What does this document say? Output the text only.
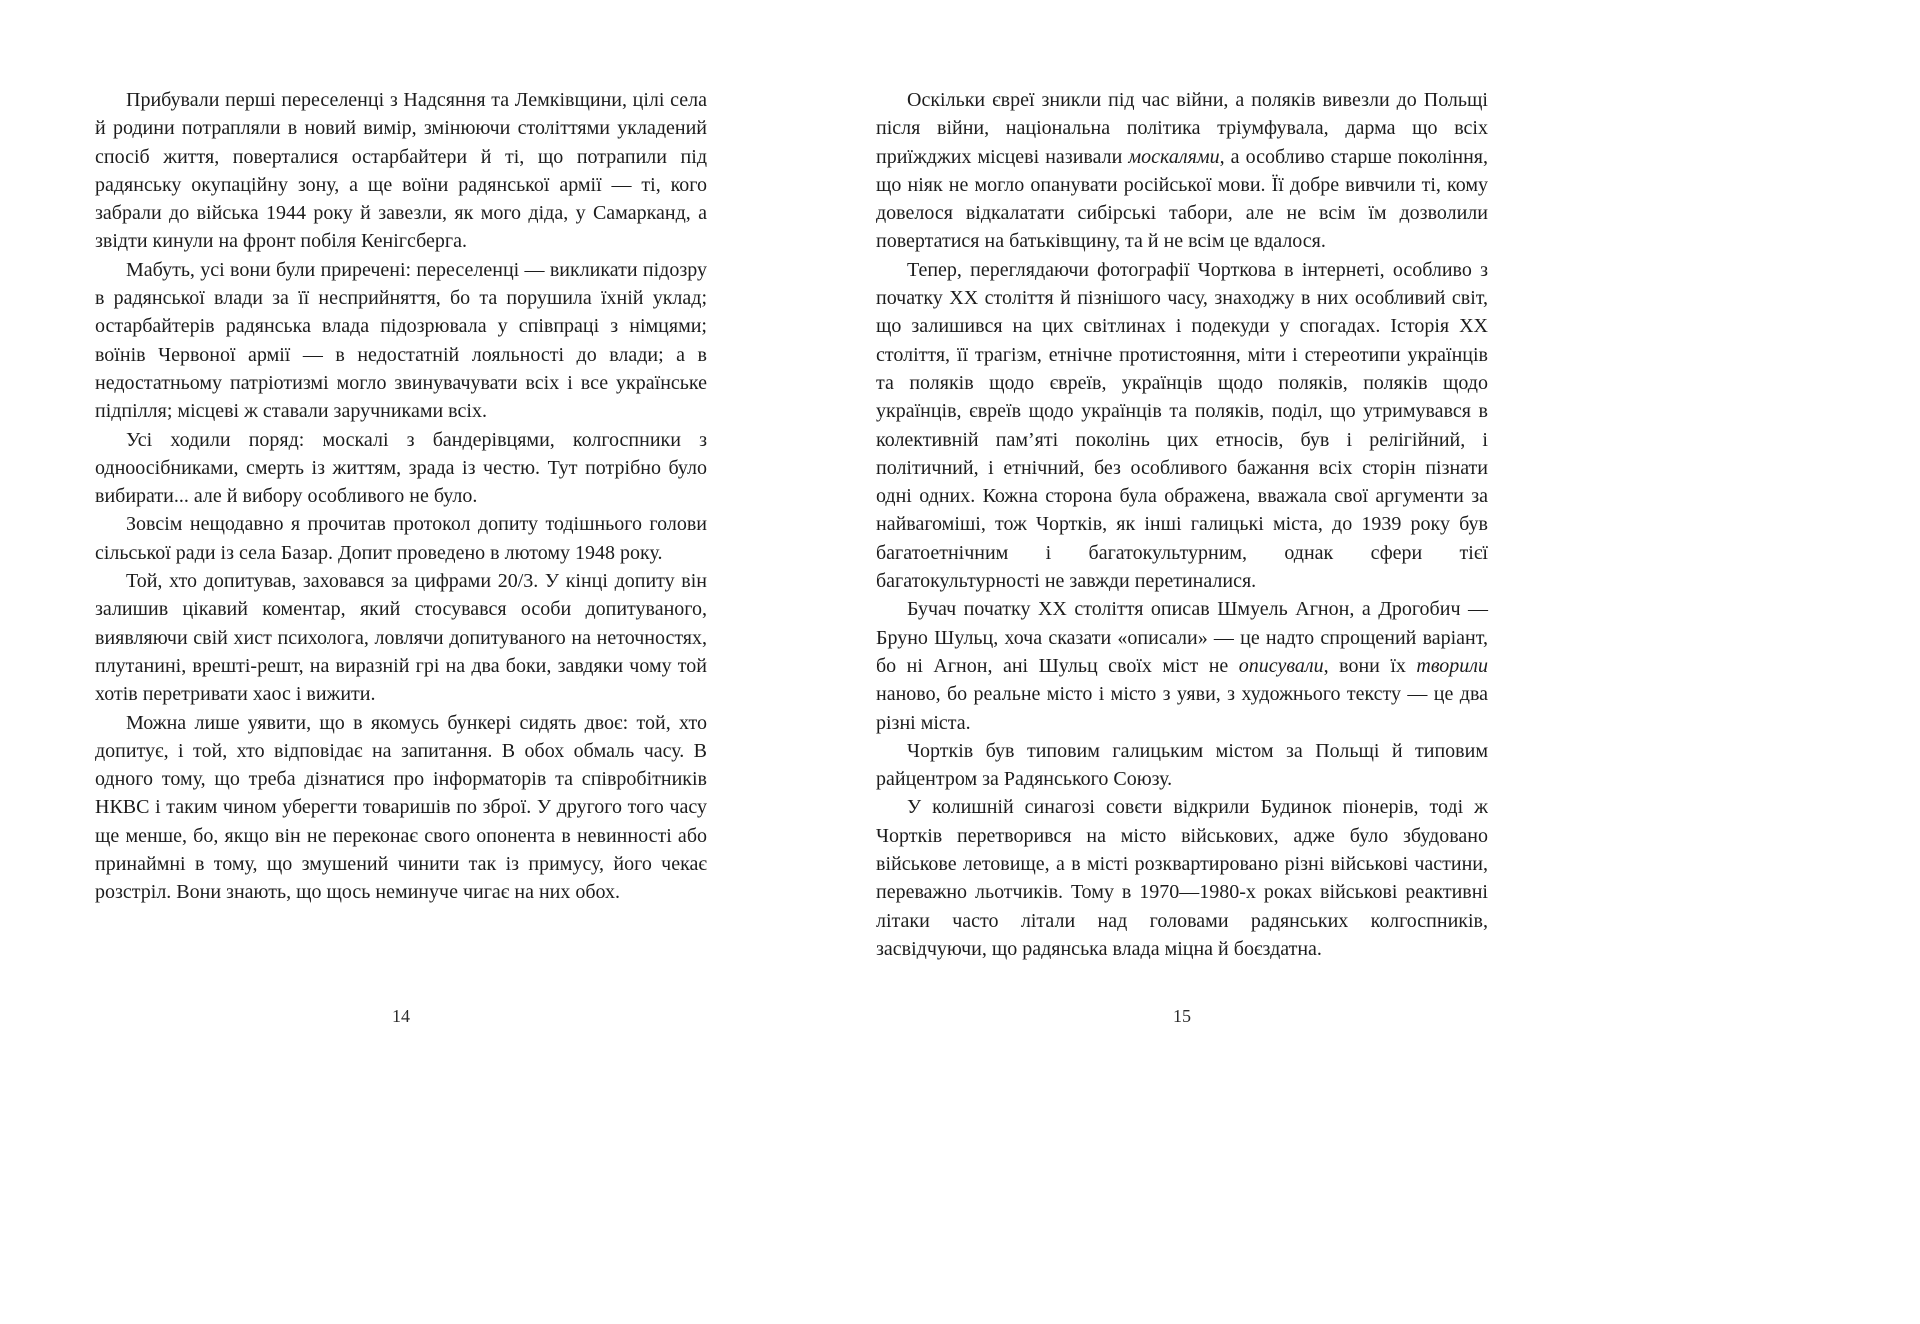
Прибували перші переселенці з Надсяння та Лемківщини, цілі села й родини потрапляли в новий вимір, змінюючи століттями укладений спосіб життя, поверталися остарбайтери й ті, що потрапили під радянську окупаційну зону, а ще воїни радянської армії — ті, кого забрали до війська 1944 року й завезли, як мого діда, у Самарканд, а звідти кинули на фронт побіля Кенігсберга.

Мабуть, усі вони були приречені: переселенці — викликати підозру в радянської влади за її несприйняття, бо та порушила їхній уклад; остарбайтерів радянська влада підозрювала у співпраці з німцями; воїнів Червоної армії — в недостатній лояльності до влади; а в недостатньому патріотизмі могло звинувачувати всіх і все українське підпілля; місцеві ж ставали заручниками всіх.

Усі ходили поряд: москалі з бандерівцями, колгоспники з одноосібниками, смерть із життям, зрада із честю. Тут потрібно було вибирати... але й вибору особливого не було.

Зовсім нещодавно я прочитав протокол допиту тодішнього голови сільської ради із села Базар. Допит проведено в лютому 1948 року.

Той, хто допитував, заховався за цифрами 20/3. У кінці допиту він залишив цікавий коментар, який стосувався особи допитуваного, виявляючи свій хист психолога, ловлячи допитуваного на неточностях, плутанині, врешті-решт, на виразній грі на два боки, завдяки чому той хотів перетривати хаос і вижити.

Можна лише уявити, що в якомусь бункері сидять двоє: той, хто допитує, і той, хто відповідає на запитання. В обох обмаль часу. В одного тому, що треба дізнатися про інформаторів та співробітників НКВС і таким чином уберегти товаришів по зброї. У другого того часу ще менше, бо, якщо він не переконає свого опонента в невинності або принаймні в тому, що змушений чинити так із примусу, його чекає розстріл. Вони знають, що щось неминуче чигає на них обох.

Оскільки євреї зникли під час війни, а поляків вивезли до Польщі після війни, національна політика тріумфувала, дарма що всіх приїжджих місцеві називали москалями, а особливо старше покоління, що ніяк не могло опанувати російської мови. Її добре вивчили ті, кому довелося відкалатати сибірські табори, але не всім їм дозволили повертатися на батьківщину, та й не всім це вдалося.

Тепер, переглядаючи фотографії Чорткова в інтернеті, особливо з початку XX століття й пізнішого часу, знаходжу в них особливий світ, що залишився на цих світлинах і подекуди у спогадах. Історія XX століття, її трагізм, етнічне протистояння, міти і стереотипи українців та поляків щодо євреїв, українців щодо поляків, поляків щодо українців, євреїв щодо українців та поляків, поділ, що утримувався в колективній пам’яті поколінь цих етносів, був і релігійний, і політичний, і етнічний, без особливого бажання всіх сторін пізнати одні одних. Кожна сторона була ображена, вважала свої аргументи за найвагоміші, тож Чортків, як інші галицькі міста, до 1939 року був багатоетнічним і багатокультурним, однак сфери тієї багатокультурності не завжди перетиналися.

Бучач початку XX століття описав Шмуель Агнон, а Дрогобич — Бруно Шульц, хоча сказати «описали» — це надто спрощений варіант, бо ні Агнон, ані Шульц своїх міст не описували, вони їх творили наново, бо реальне місто і місто з уяви, з художнього тексту — це два різні міста.

Чортків був типовим галицьким містом за Польщі й типовим райцентром за Радянського Союзу.

У колишній синагозі совєти відкрили Будинок піонерів, тоді ж Чортків перетворився на місто військових, адже було збудовано військове летовище, а в місті розквартировано різні військові частини, переважно льотчиків. Тому в 1970—1980-х роках військові реактивні літаки часто літали над головами радянських колгоспників, засвідчуючи, що радянська влада міцна й боєздатна.

14	15
